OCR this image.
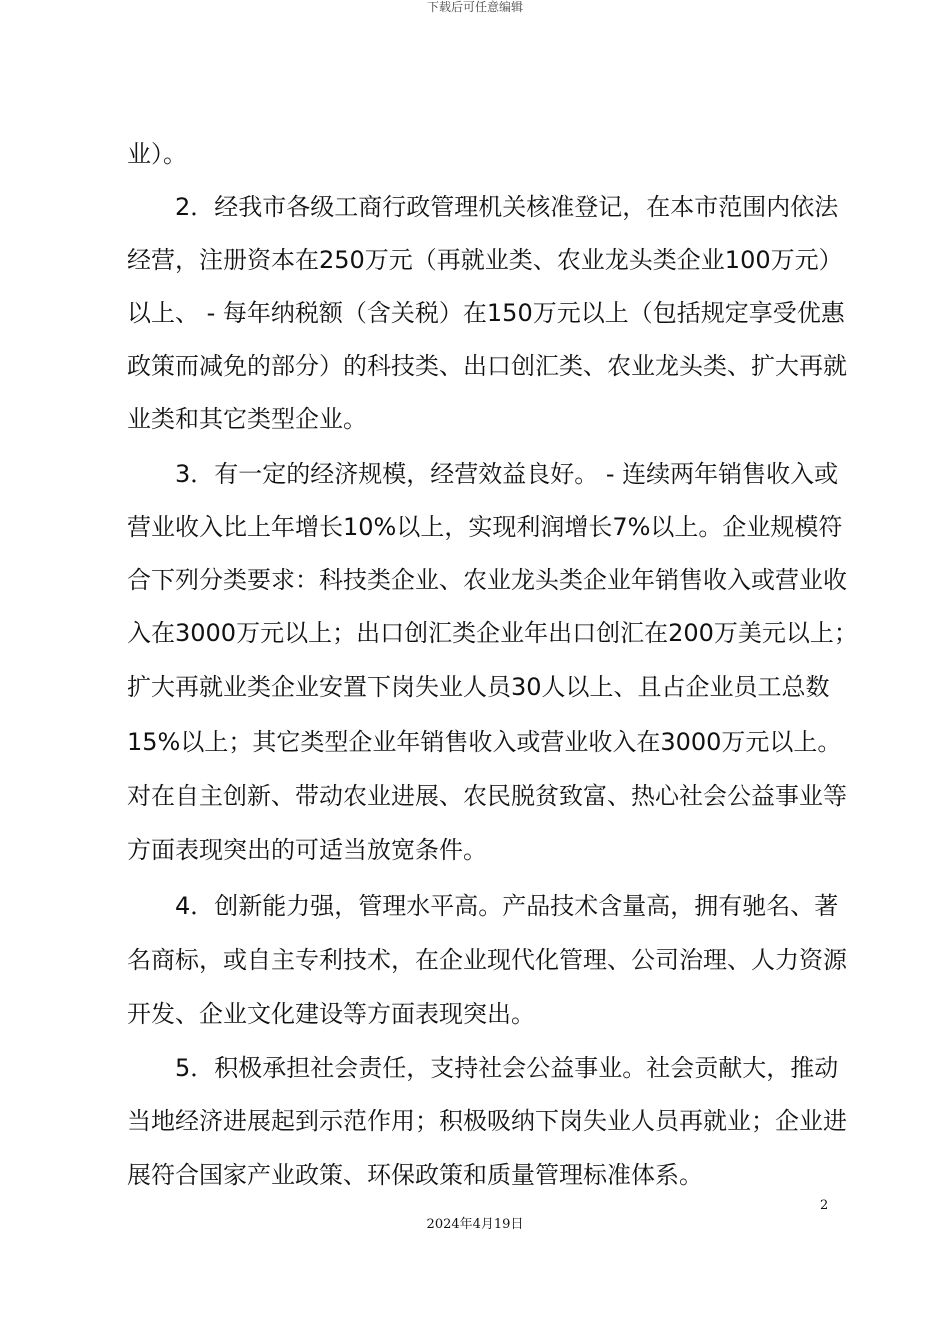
下载后可任意编辑
业）。
2．经我市各级工商行政管理机关核准登记，在本市范围内依法
经营，注册资本在250万元（再就业类、农业龙头类企业100万元）
以上、 - 每年纳税额（含关税）在150万元以上（包括规定享受优惠
政策而减免的部分）的科技类、出口创汇类、农业龙头类、扩大再就
业类和其它类型企业。
3．有一定的经济规模，经营效益良好。 - 连续两年销售收入或
营业收入比上年增长10%以上，实现利润增长7%以上。企业规模符
合下列分类要求：科技类企业、农业龙头类企业年销售收入或营业收
入在3000万元以上；出口创汇类企业年出口创汇在200万美元以上；
扩大再就业类企业安置下岗失业人员30人以上、且占企业员工总数
15%以上；其它类型企业年销售收入或营业收入在3000万元以上。
对在自主创新、带动农业进展、农民脱贫致富、热心社会公益事业等
方面表现突出的可适当放宽条件。
4．创新能力强，管理水平高。产品技术含量高，拥有驰名、著
名商标，或自主专利技术，在企业现代化管理、公司治理、人力资源
开发、企业文化建设等方面表现突出。
5．积极承担社会责任，支持社会公益事业。社会贡献大，推动
当地经济进展起到示范作用；积极吸纳下岗失业人员再就业；企业进
展符合国家产业政策、环保政策和质量管理标准体系。
2
2024年4月19日
